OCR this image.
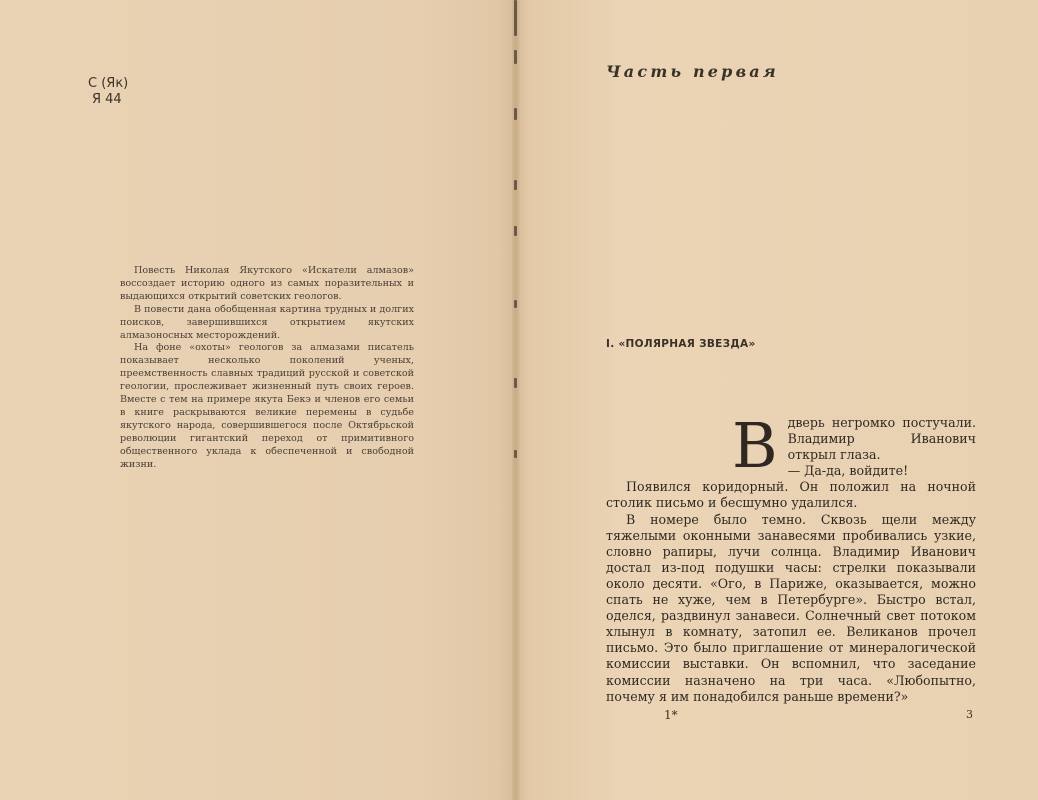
С (Як)
Я 44

Повесть Николая Якутского «Искатели алмазов» воссоздает историю одного из самых поразительных и выдающихся открытий советских геологов.

В повести дана обобщенная картина трудных и долгих поисков, завершившихся открытием якутских алмазоносных месторождений.

На фоне «охоты» геологов за алмазами писатель показывает несколько поколений ученых, преемственность славных традиций русской и советской геологии, прослеживает жизненный путь своих героев. Вместе с тем на примере якута Бекэ и членов его семьи в книге раскрываются великие перемены в судьбе якутского народа, совершившегося после Октябрьской революции гигантский переход от примитивного общественного уклада к обеспеченной и свободной жизни.

Часть первая
I. «ПОЛЯРНАЯ ЗВЕЗДА»
В дверь негромко постучали. Владимир Иванович открыл глаза.

— Да-да, войдите!

Появился коридорный. Он положил на ночной столик письмо и бесшумно удалился.

В номере было темно. Сквозь щели между тяжелыми оконными занавесями пробивались узкие, словно рапиры, лучи солнца. Владимир Иванович достал из-под подушки часы: стрелки показывали около десяти. «Ого, в Париже, оказывается, можно спать не хуже, чем в Петербурге». Быстро встал, оделся, раздвинул занавеси. Солнечный свет потоком хлынул в комнату, затопил ее. Великанов прочел письмо. Это было приглашение от минералогической комиссии выставки. Он вспомнил, что заседание комиссии назначено на три часа. «Любопытно, почему я им понадобился раньше времени?»

1*	3
